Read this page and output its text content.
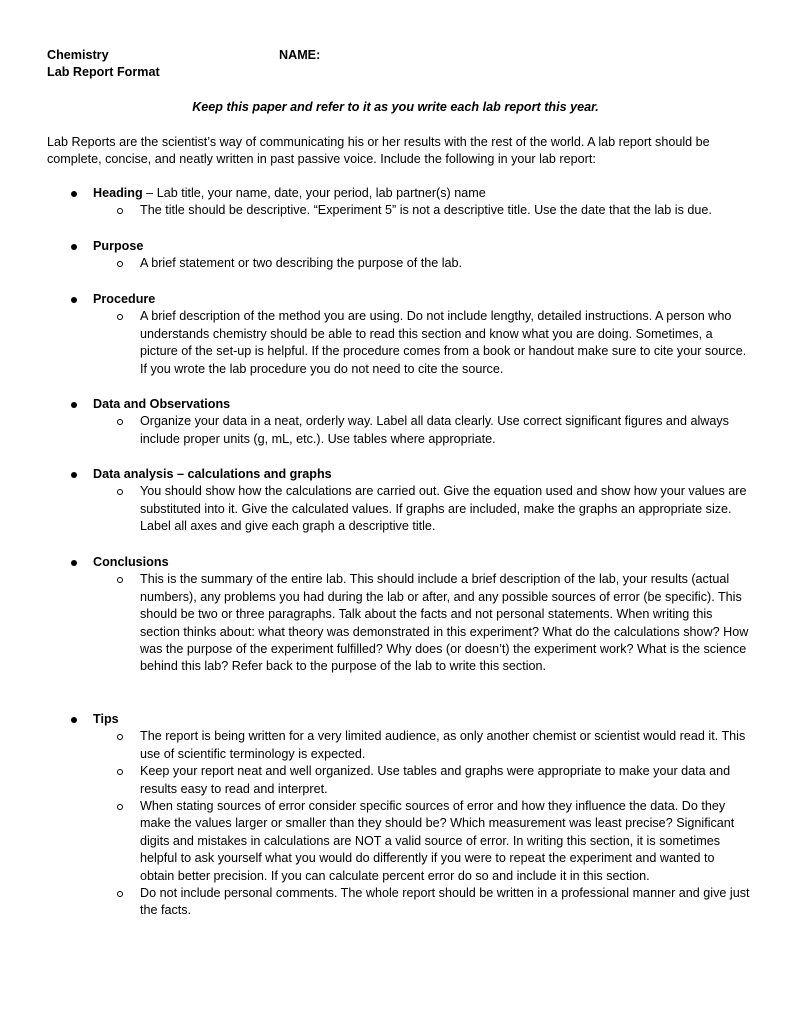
Chemistry
Lab Report Format
NAME:
Keep this paper and refer to it as you write each lab report this year.

Lab Reports are the scientist’s way of communicating his or her results with the rest of the world. A lab report should be complete, concise, and neatly written in past passive voice. Include the following in your lab report:

Heading – Lab title, your name, date, your period, lab partner(s) name
The title should be descriptive. “Experiment 5” is not a descriptive title. Use the date that the lab is due.
Purpose
A brief statement or two describing the purpose of the lab.
Procedure
A brief description of the method you are using. Do not include lengthy, detailed instructions. A person who understands chemistry should be able to read this section and know what you are doing. Sometimes, a picture of the set-up is helpful. If the procedure comes from a book or handout make sure to cite your source. If you wrote the lab procedure you do not need to cite the source.
Data and Observations
Organize your data in a neat, orderly way. Label all data clearly. Use correct significant figures and always include proper units (g, mL, etc.). Use tables where appropriate.
Data analysis – calculations and graphs
You should show how the calculations are carried out. Give the equation used and show how your values are substituted into it. Give the calculated values. If graphs are included, make the graphs an appropriate size. Label all axes and give each graph a descriptive title.
Conclusions
This is the summary of the entire lab. This should include a brief description of the lab, your results (actual numbers), any problems you had during the lab or after, and any possible sources of error (be specific). This should be two or three paragraphs. Talk about the facts and not personal statements. When writing this section thinks about: what theory was demonstrated in this experiment? What do the calculations show? How was the purpose of the experiment fulfilled? Why does (or doesn’t) the experiment work? What is the science behind this lab? Refer back to the purpose of the lab to write this section.
Tips
The report is being written for a very limited audience, as only another chemist or scientist would read it. This use of scientific terminology is expected.
Keep your report neat and well organized. Use tables and graphs were appropriate to make your data and results easy to read and interpret.
When stating sources of error consider specific sources of error and how they influence the data. Do they make the values larger or smaller than they should be? Which measurement was least precise? Significant digits and mistakes in calculations are NOT a valid source of error. In writing this section, it is sometimes helpful to ask yourself what you would do differently if you were to repeat the experiment and wanted to obtain better precision. If you can calculate percent error do so and include it in this section.
Do not include personal comments. The whole report should be written in a professional manner and give just the facts.
